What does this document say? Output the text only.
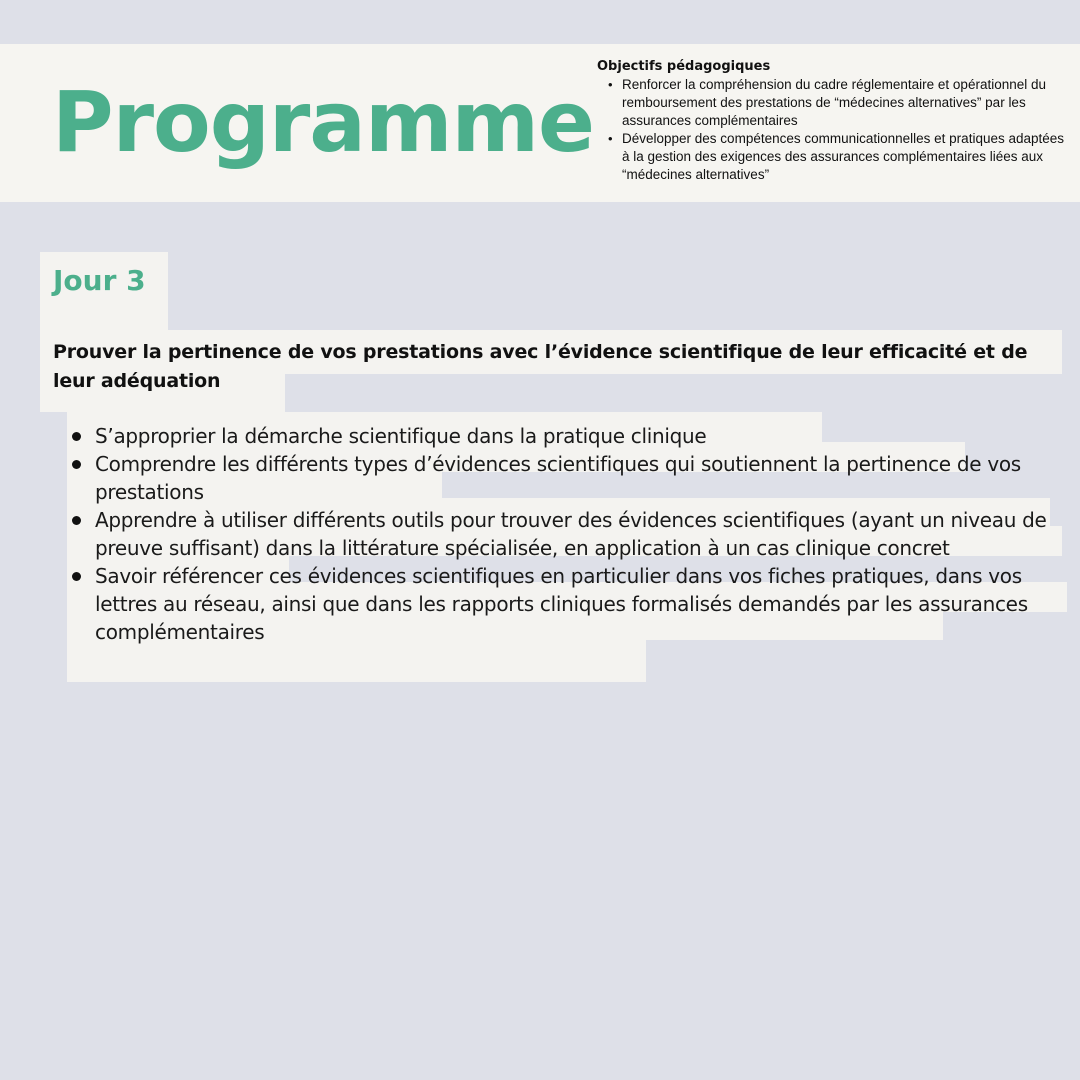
Programme
Objectifs pédagogiques
• Renforcer la compréhension du cadre réglementaire et opérationnel du remboursement des prestations de “médecines alternatives” par les assurances complémentaires
• Développer des compétences communicationnelles et pratiques adaptées à la gestion des exigences des assurances complémentaires liées aux “médecines alternatives”
Jour 3
Prouver la pertinence de vos prestations avec l’évidence scientifique de leur efficacité et de leur adéquation
S’approprier la démarche scientifique dans la pratique clinique
Comprendre les différents types d’évidences scientifiques qui soutiennent la pertinence de vos prestations
Apprendre à utiliser différents outils pour trouver des évidences scientifiques (ayant un niveau de preuve suffisant) dans la littérature spécialisée, en application à un cas clinique concret
Savoir référencer ces évidences scientifiques en particulier dans vos fiches pratiques, dans vos lettres au réseau, ainsi que dans les rapports cliniques formalisés demandés par les assurances complémentaires
